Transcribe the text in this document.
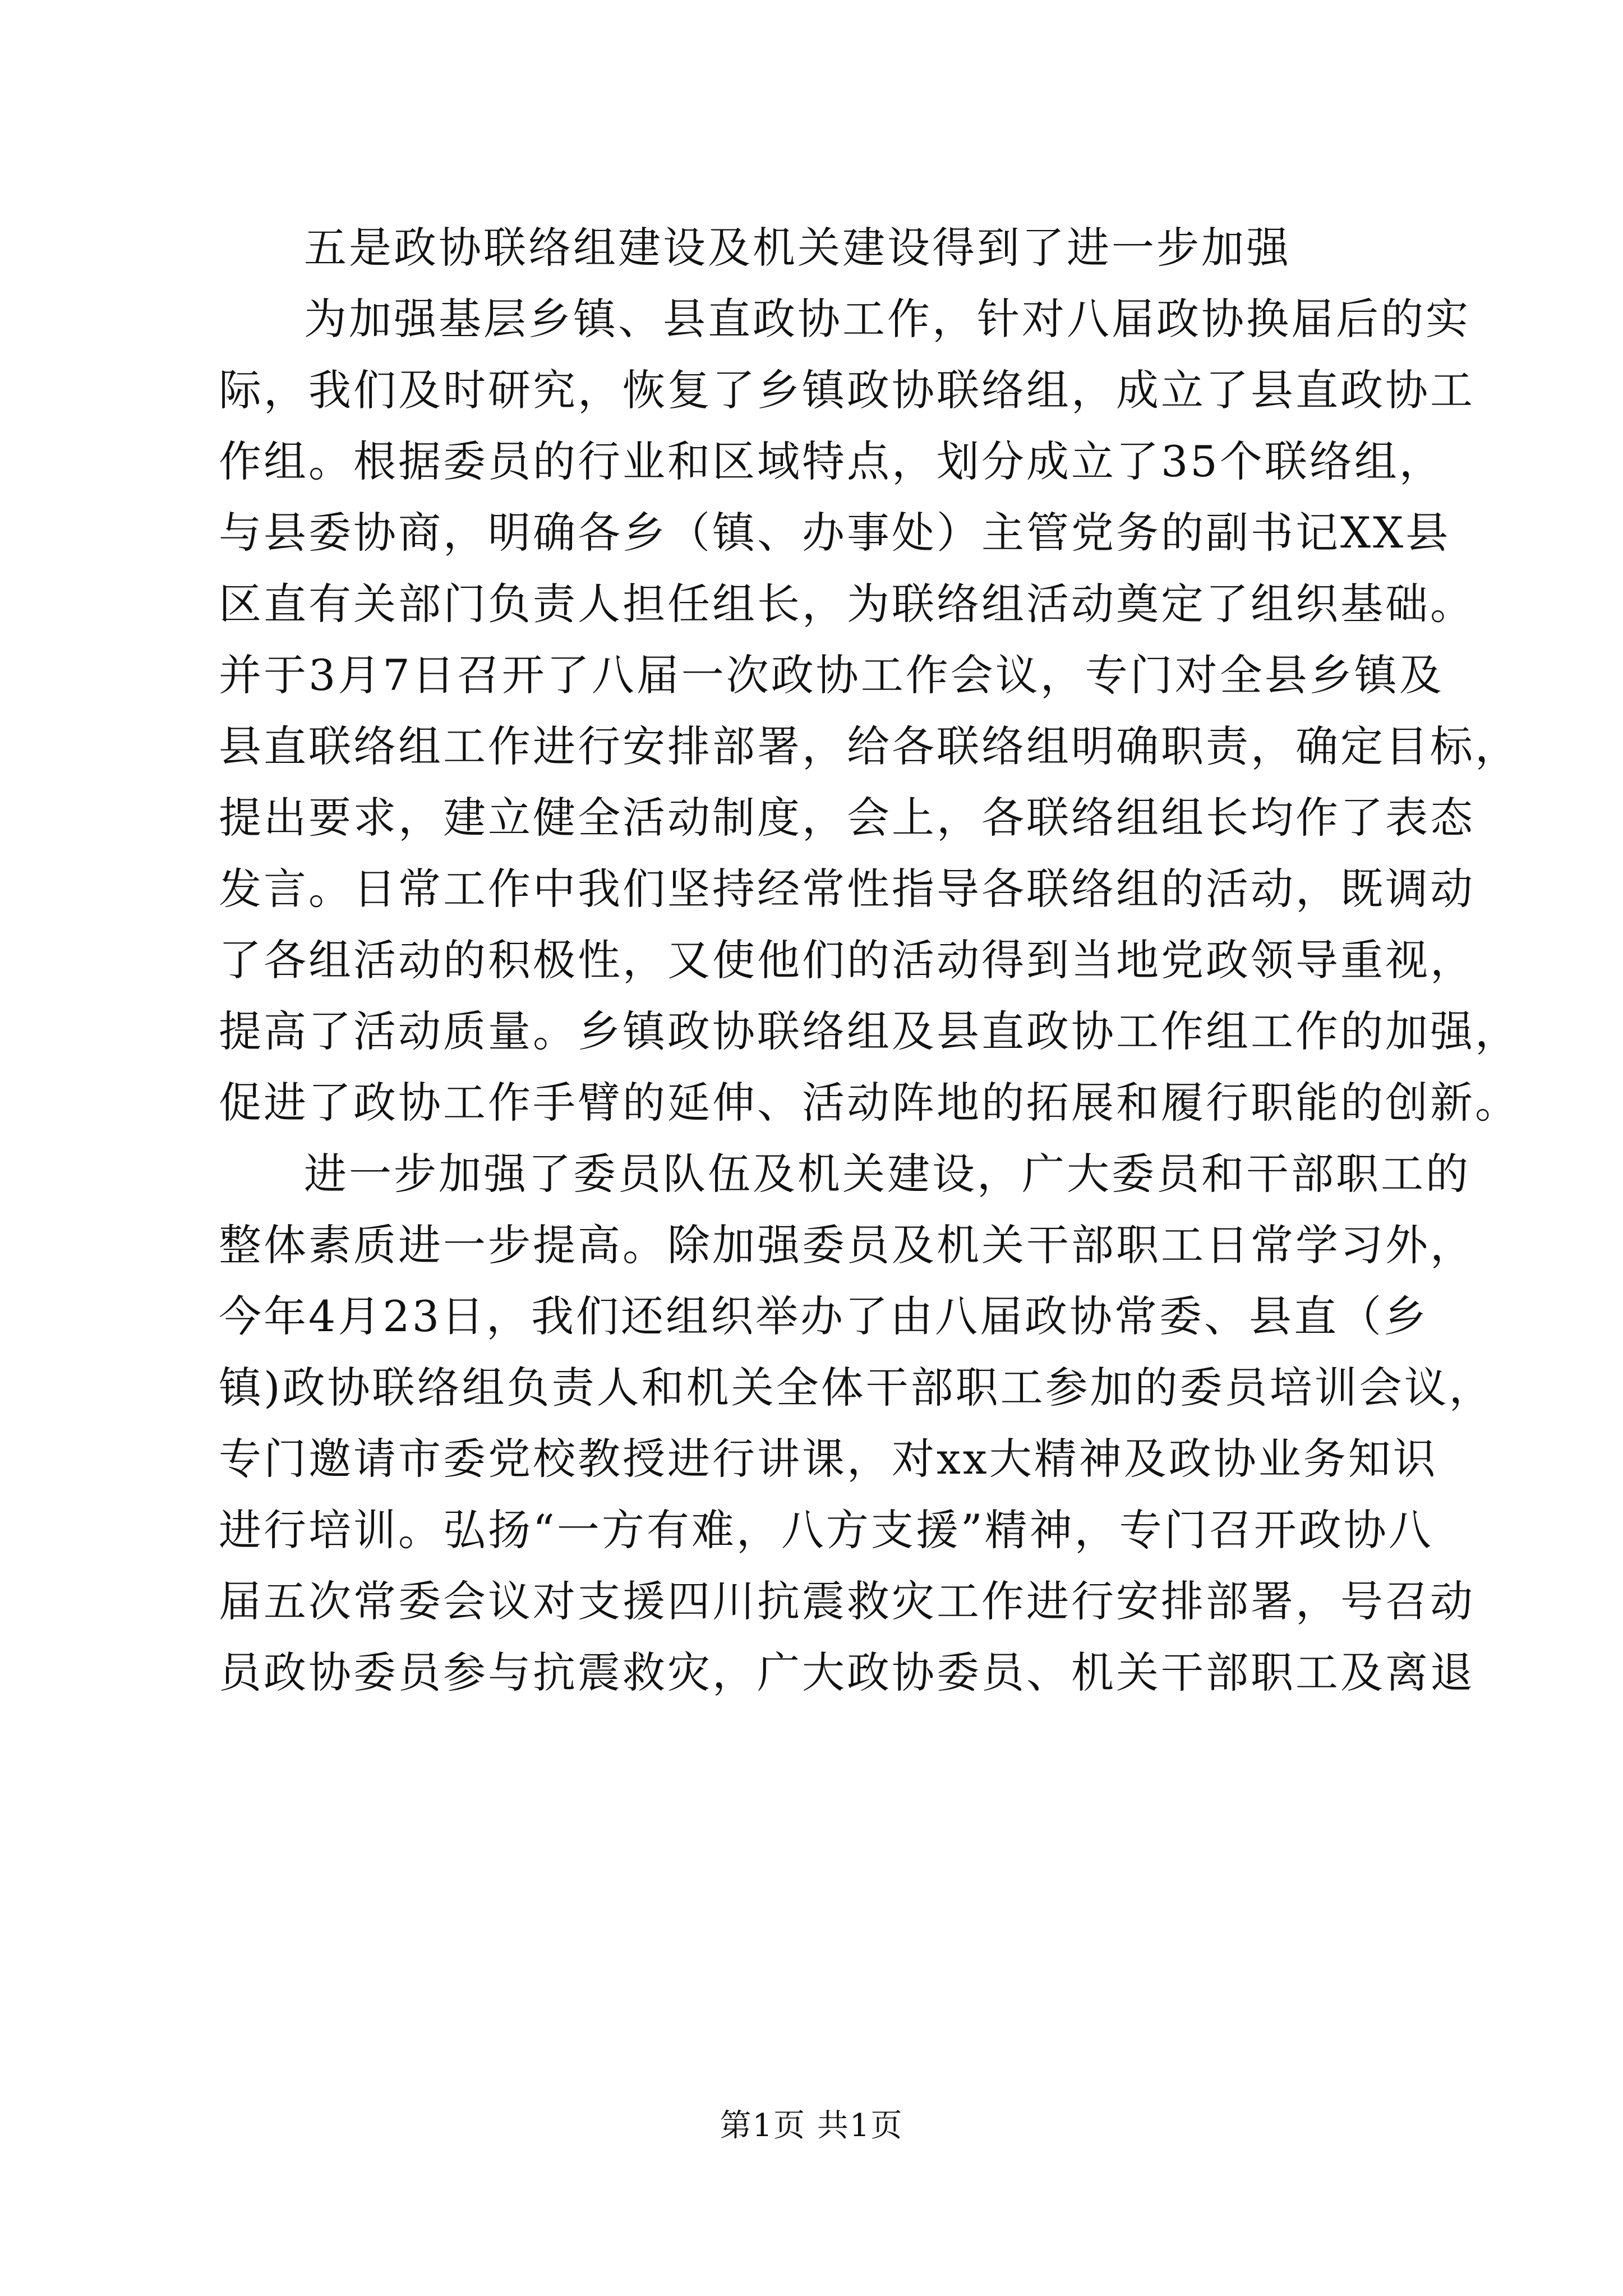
五是政协联络组建设及机关建设得到了进一步加强
为加强基层乡镇、县直政协工作，针对八届政协换届后的实
际，我们及时研究，恢复了乡镇政协联络组，成立了县直政协工
作组。根据委员的行业和区域特点，划分成立了35个联络组，
与县委协商，明确各乡（镇、办事处）主管党务的副书记XX县
区直有关部门负责人担任组长，为联络组活动奠定了组织基础。
并于3月7日召开了八届一次政协工作会议，专门对全县乡镇及
县直联络组工作进行安排部署，给各联络组明确职责，确定目标，
提出要求，建立健全活动制度，会上，各联络组组长均作了表态
发言。日常工作中我们坚持经常性指导各联络组的活动，既调动
了各组活动的积极性，又使他们的活动得到当地党政领导重视，
提高了活动质量。乡镇政协联络组及县直政协工作组工作的加强，
促进了政协工作手臂的延伸、活动阵地的拓展和履行职能的创新。
进一步加强了委员队伍及机关建设，广大委员和干部职工的
整体素质进一步提高。除加强委员及机关干部职工日常学习外，
今年4月23日，我们还组织举办了由八届政协常委、县直（乡
镇)政协联络组负责人和机关全体干部职工参加的委员培训会议，
专门邀请市委党校教授进行讲课，对xx大精神及政协业务知识
进行培训。弘扬“一方有难，八方支援”精神，专门召开政协八
届五次常委会议对支援四川抗震救灾工作进行安排部署，号召动
员政协委员参与抗震救灾，广大政协委员、机关干部职工及离退
第1页 共1页
